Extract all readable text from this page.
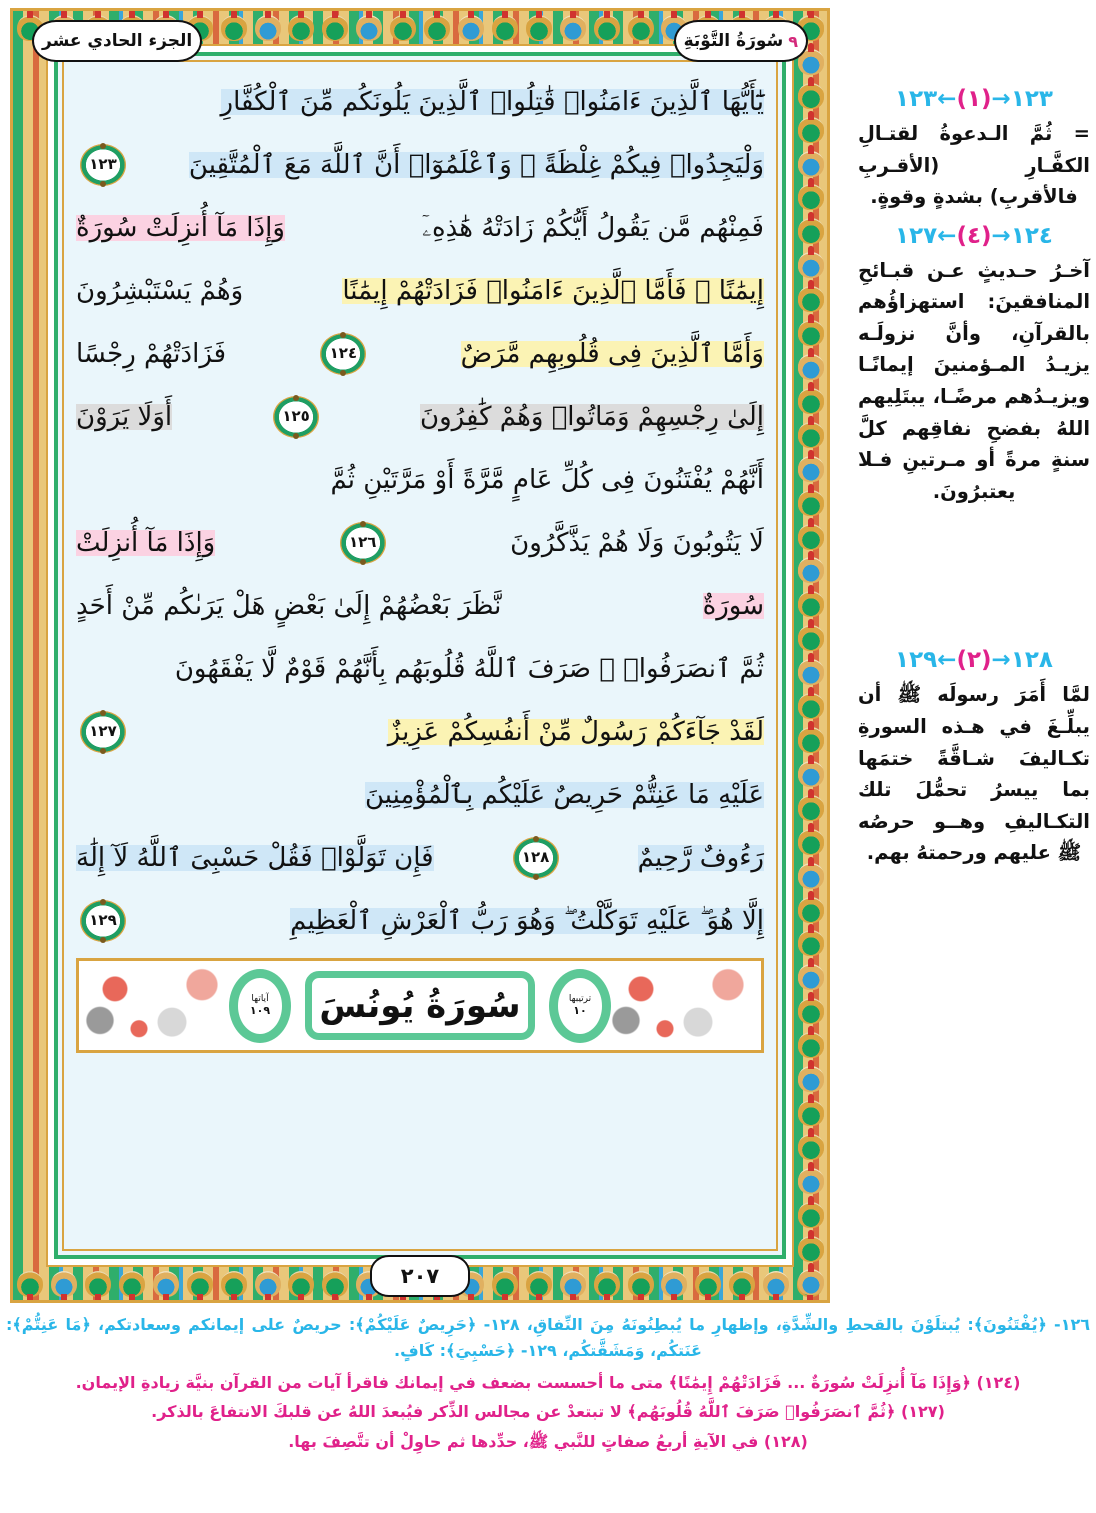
٩
سُورَةُ التَّوْبَةِ
الجزء الحادي عشر
يَٰٓأَيُّهَا ٱلَّذِينَ ءَامَنُوا۟ قَٰتِلُوا۟ ٱلَّذِينَ يَلُونَكُم مِّنَ ٱلْكُفَّارِ
وَلْيَجِدُوا۟ فِيكُمْ غِلْظَةً ۚ وَٱعْلَمُوٓا۟ أَنَّ ٱللَّهَ مَعَ ٱلْمُتَّقِينَ
١٢٣
فَمِنْهُم مَّن يَقُولُ أَيُّكُمْ زَادَتْهُ هَٰذِهِۦٓ
وَإِذَا مَآ أُنزِلَتْ سُورَةٌ
إِيمَٰنًا ۚ فَأَمَّا ٱلَّذِينَ ءَامَنُوا۟ فَزَادَتْهُمْ إِيمَٰنًا
وَهُمْ يَسْتَبْشِرُونَ
وَأَمَّا ٱلَّذِينَ فِى قُلُوبِهِم مَّرَضٌ
١٢٤
فَزَادَتْهُمْ رِجْسًا
إِلَىٰ رِجْسِهِمْ وَمَاتُوا۟ وَهُمْ كَٰفِرُونَ
١٢٥
أَوَلَا يَرَوْنَ
أَنَّهُمْ يُفْتَنُونَ فِى كُلِّ عَامٍ مَّرَّةً أَوْ مَرَّتَيْنِ ثُمَّ
لَا يَتُوبُونَ وَلَا هُمْ يَذَّكَّرُونَ
١٢٦
وَإِذَا مَآ أُنزِلَتْ
سُورَةٌ
نَّظَرَ بَعْضُهُمْ إِلَىٰ بَعْضٍ هَلْ يَرَىٰكُم مِّنْ أَحَدٍ
ثُمَّ ٱنصَرَفُوا۟ ۚ صَرَفَ ٱللَّهُ قُلُوبَهُم بِأَنَّهُمْ قَوْمٌ لَّا يَفْقَهُونَ
لَقَدْ جَآءَكُمْ رَسُولٌ مِّنْ أَنفُسِكُمْ عَزِيزٌ
١٢٧
عَلَيْهِ مَا عَنِتُّمْ حَرِيصٌ عَلَيْكُم بِٱلْمُؤْمِنِينَ
رَءُوفٌ رَّحِيمٌ
١٢٨
فَإِن تَوَلَّوْا۟ فَقُلْ حَسْبِىَ ٱللَّهُ لَآ إِلَٰهَ
إِلَّا هُوَ ۖ عَلَيْهِ تَوَكَّلْتُ ۖ وَهُوَ رَبُّ ٱلْعَرْشِ ٱلْعَظِيمِ
١٢٩
آياتها
١٠٩
ترتيبها
١٠
سُورَةُ يُونُسَ
٢٠٧
١٢٣→(١)←١٢٣
= ثُمَّ الـدعوةُ لقتـالِ الكفَّـارِ (الأقـربِ فالأقربِ) بشدةٍ وقوةٍ.
١٢٤→(٤)←١٢٧
آخـرُ حـديثٍ عـن قبـائحِ المنافقينَ: استهزاؤُهم بالقرآنِ، وأنَّ نزولَـه يزيـدُ المـؤمنينَ إيمانًـا ويزيـدُهم مرضًـا، يبتَلِيهم اللهُ بفضحِ نفاقِهم كلَّ سنةٍ مرةً أو مـرتينِ فـلا يعتبرُونَ.
١٢٨→(٢)←١٢٩
لمَّا أَمَرَ رسولَه ﷺ أن يبلِّـغَ في هـذه السورةِ تكـاليفَ شـاقَّةً ختمَها بما ييسرُ تحمُّلَ تلك التكـاليفِ وهــو حرصُه ﷺ عليهم ورحمتهُ بهم.
١٢٦- ﴿يُفْتَنُونَ﴾: يُبتلَوْنَ بالقحطِ والشِّدَّةِ، وإظهارِ ما يُبطِنُونَهُ مِنَ النِّفاقِ، ١٢٨- ﴿حَرِيصٌ عَلَيْكُمْ﴾: حريصٌ على إيمانكم وسعادتكم، ﴿مَا عَنِتُّمْ﴾: عَنَتكُم، وَمَشَقَّتكُم، ١٢٩- ﴿حَسْبِيَ﴾: كَافٍ.
(١٢٤) ﴿وَإِذَا مَآ أُنزِلَتْ سُورَةٌ ... فَزَادَتْهُمْ إِيمَٰنًا﴾ متى ما أحسست بضعف في إيمانك فاقرأ آيات من القرآن بنيَّة زيادةِ الإيمان.
(١٢٧) ﴿ثُمَّ ٱنصَرَفُوا۟ صَرَفَ ٱللَّهُ قُلُوبَهُم﴾ لا تبتعدْ عن مجالس الذِّكر فيُبعدَ اللهُ عن قلبكَ الانتفاعَ بالذكر.
(١٢٨) في الآيةِ أربعُ صفاتٍ للنَّبي ﷺ، حدِّدها ثم حاوِلْ أن تتَّصِفَ بها.
